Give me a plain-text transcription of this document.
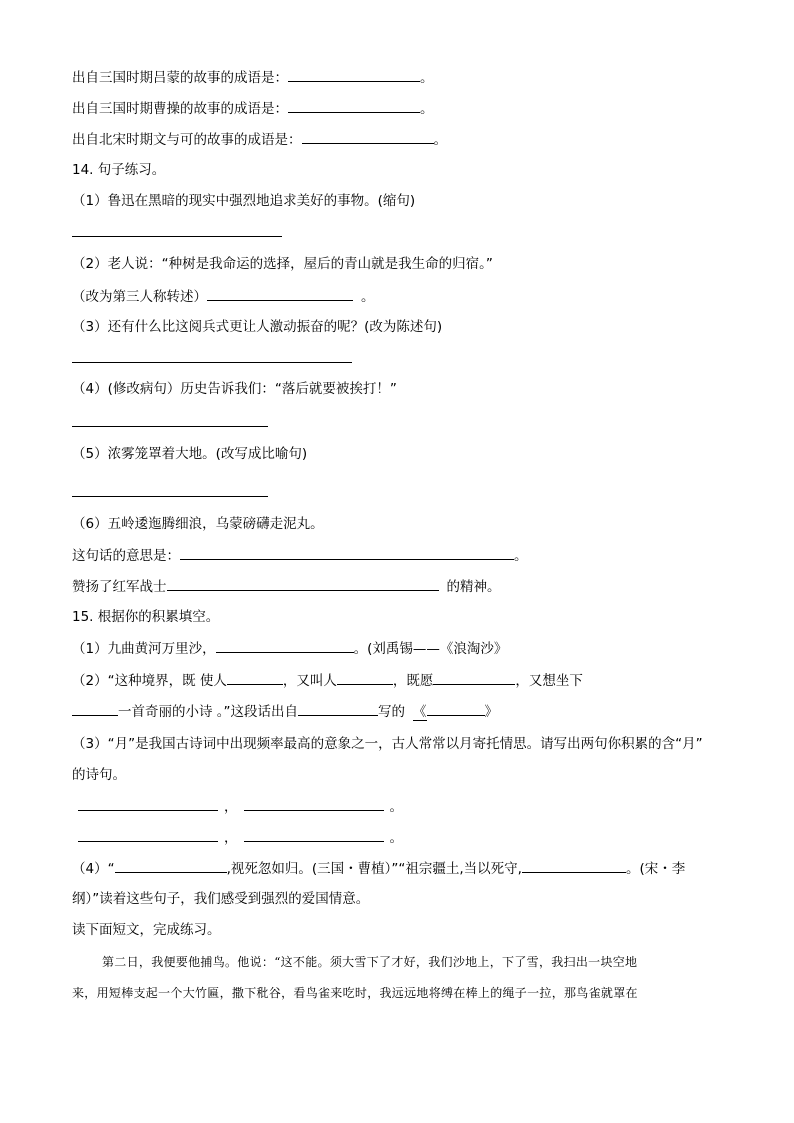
出自三国时期吕蒙的故事的成语是：	。
出自三国时期曹操的故事的成语是：	。
出自北宋时期文与可的故事的成语是：	。
14. 句子练习。
（1）鲁迅在黑暗的现实中强烈地追求美好的事物。(缩句)
（2）老人说：“种树是我命运的选择，屋后的青山就是我生命的归宿。”
（改为第三人称转述）	。
（3）还有什么比这阅兵式更让人激动振奋的呢？(改为陈述句)
（4）(修改病句）历史告诉我们：“落后就要被挨打！”
（5）浓雾笼罩着大地。(改写成比喻句)
（6）五岭逶迤腾细浪，乌蒙磅礴走泥丸。
这句话的意思是：	。
赞扬了红军战士	的精神。
15. 根据你的积累填空。
（1）九曲黄河万里沙，	。(刘禹锡——《浪淘沙》
（2）“这种境界，既 使人	，又叫人	，既愿	，又想坐下
一首奇丽的小诗 。”这段话出自	写的 《	》
（3）“月”是我国古诗词中出现频率最高的意象之一，古人常常以月寄托情思。请写出两句你积累的含“月”
的诗句。
，	。
，	。
（4）“	,视死忽如归。(三国・曹植）”“祖宗疆土,当以死守,	。(宋・李
纲）”读着这些句子，我们感受到强烈的爱国情意。
读下面短文，完成练习。
第二日，我便要他捕鸟。他说：“这不能。须大雪下了才好，我们沙地上，下了雪，我扫出一块空地
来，用短棒支起一个大竹匾，撒下秕谷，看鸟雀来吃时，我远远地将缚在棒上的绳子一拉，那鸟雀就罩在
